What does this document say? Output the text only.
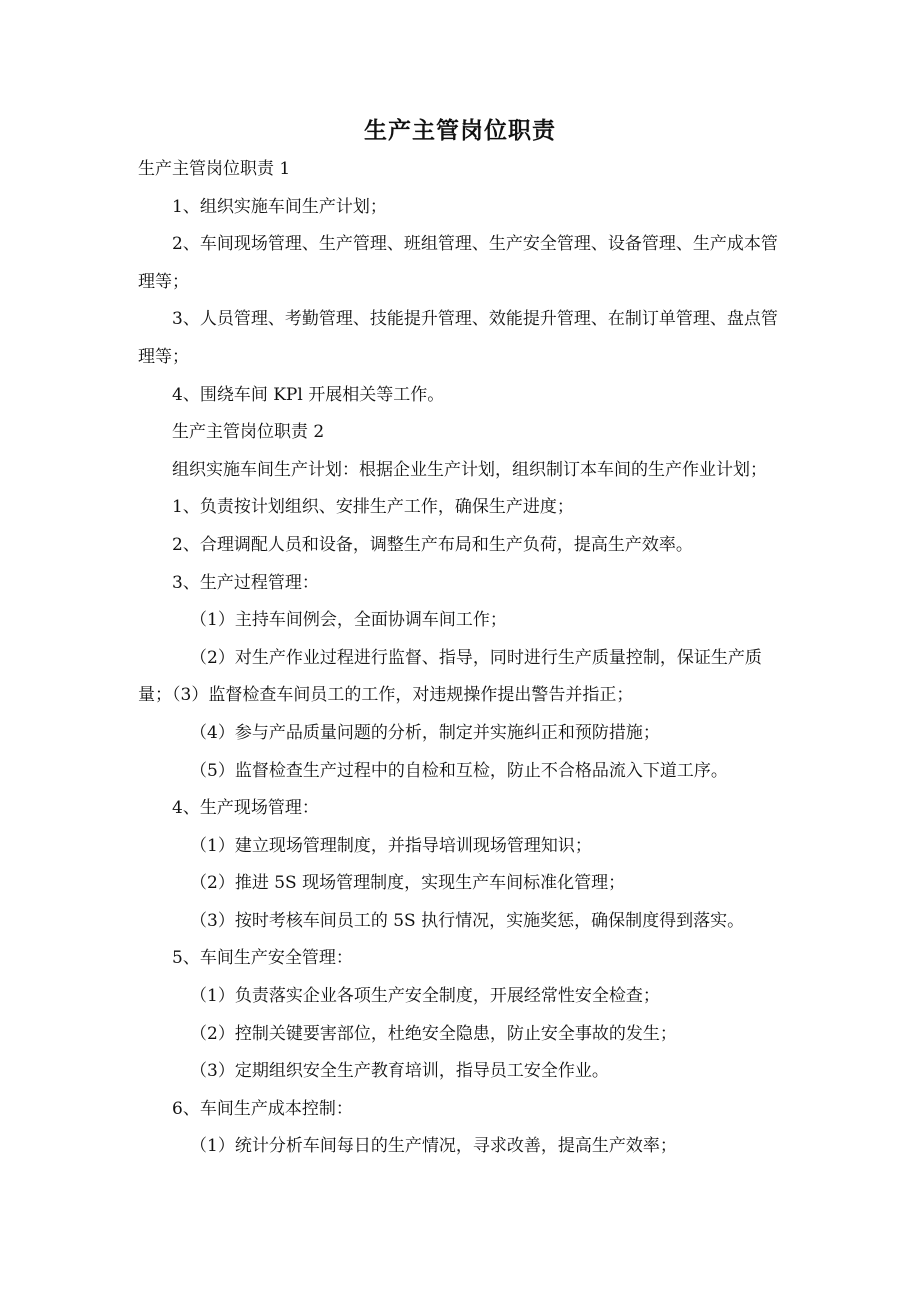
生产主管岗位职责

生产主管岗位职责 1

1、组织实施车间生产计划；

2、车间现场管理、生产管理、班组管理、生产安全管理、设备管理、生产成本管理等；

3、人员管理、考勤管理、技能提升管理、效能提升管理、在制订单管理、盘点管理等；

4、围绕车间 KPl 开展相关等工作。

生产主管岗位职责 2

组织实施车间生产计划：根据企业生产计划，组织制订本车间的生产作业计划；

1、负责按计划组织、安排生产工作，确保生产进度；

2、合理调配人员和设备，调整生产布局和生产负荷，提高生产效率。

3、生产过程管理：

（1）主持车间例会，全面协调车间工作；

（2）对生产作业过程进行监督、指导，同时进行生产质量控制，保证生产质量；（3）监督检查车间员工的工作，对违规操作提出警告并指正；

（4）参与产品质量问题的分析，制定并实施纠正和预防措施；

（5）监督检查生产过程中的自检和互检，防止不合格品流入下道工序。

4、生产现场管理：

（1）建立现场管理制度，并指导培训现场管理知识；

（2）推进 5S 现场管理制度，实现生产车间标准化管理；

（3）按时考核车间员工的 5S 执行情况，实施奖惩，确保制度得到落实。

5、车间生产安全管理：

（1）负责落实企业各项生产安全制度，开展经常性安全检查；

（2）控制关键要害部位，杜绝安全隐患，防止安全事故的发生；

（3）定期组织安全生产教育培训，指导员工安全作业。

6、车间生产成本控制：

（1）统计分析车间每日的生产情况，寻求改善，提高生产效率；
